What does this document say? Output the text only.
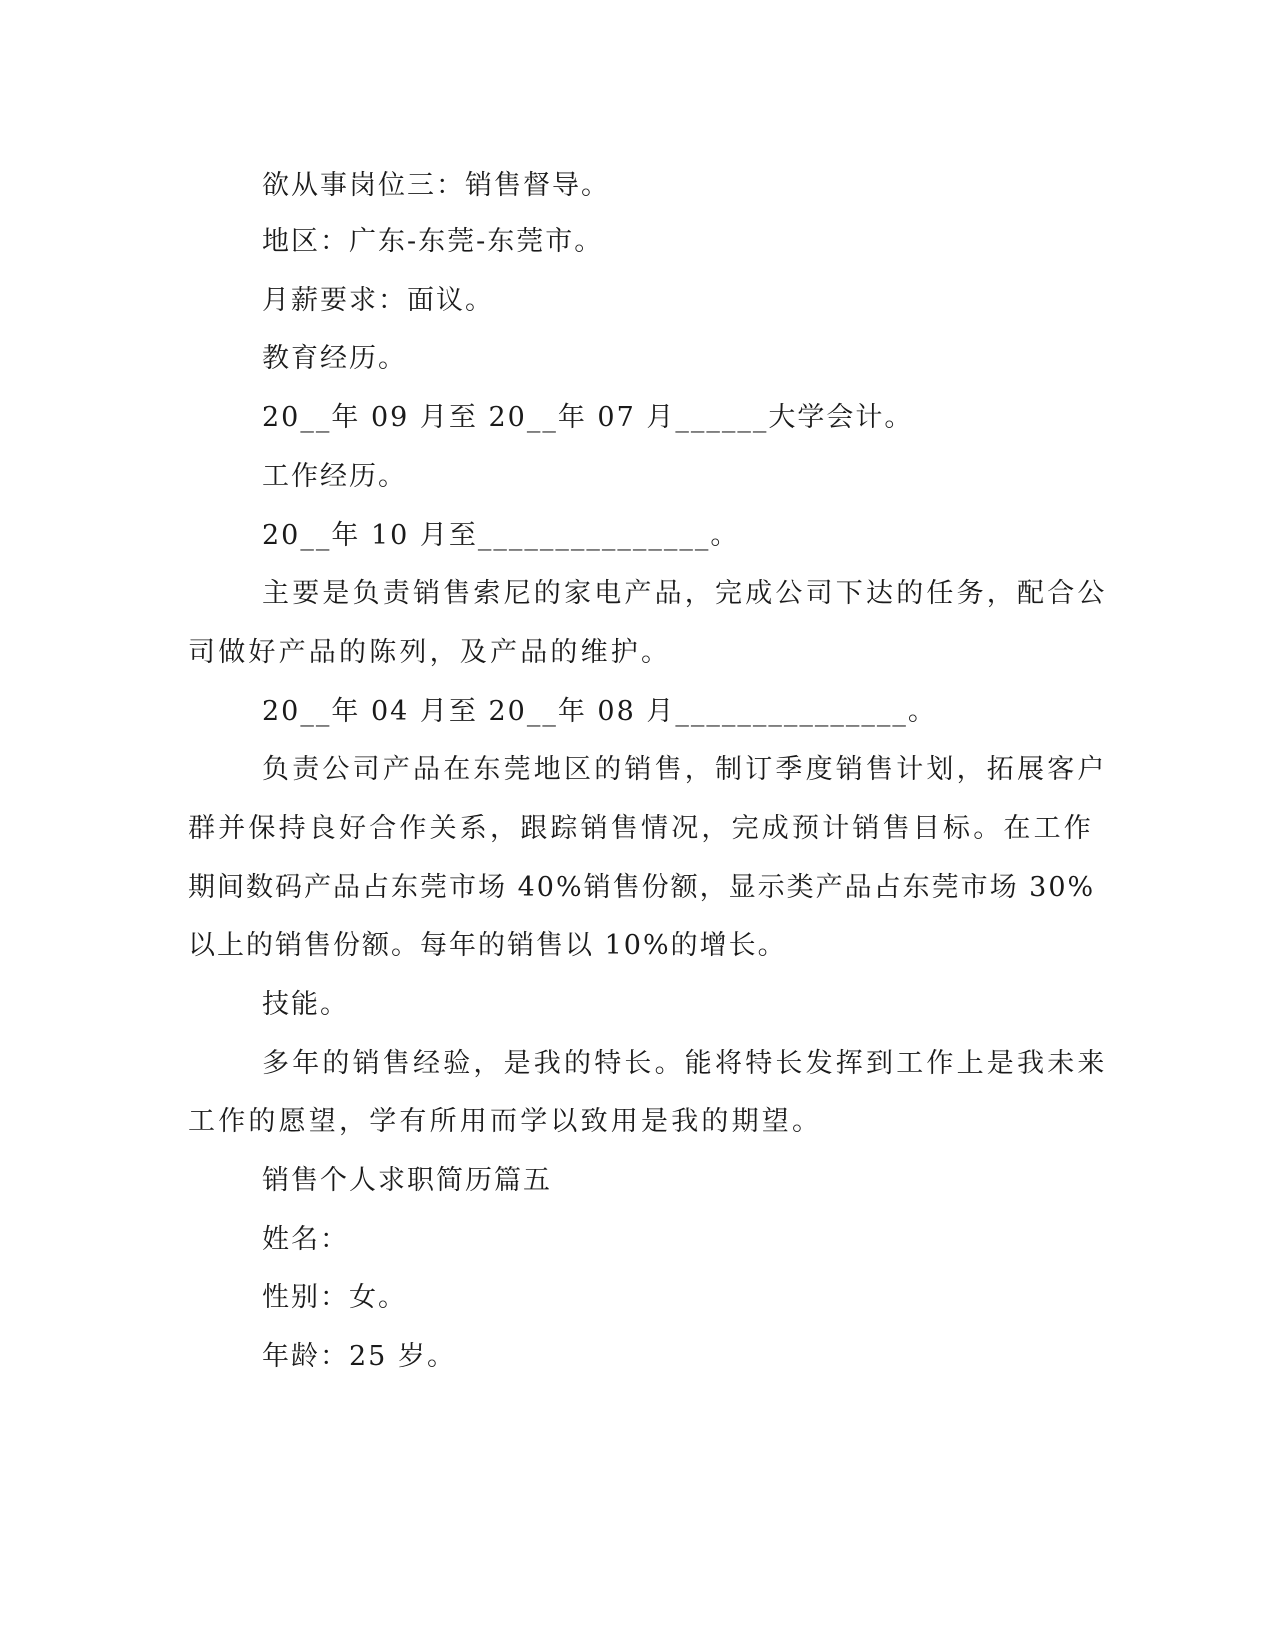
欲从事岗位三：销售督导。
地区：广东-东莞-东莞市。
月薪要求：面议。
教育经历。
20__年 09 月至 20__年 07 月______大学会计。
工作经历。
20__年 10 月至_______________。
主要是负责销售索尼的家电产品，完成公司下达的任务，配合公
司做好产品的陈列，及产品的维护。
20__年 04 月至 20__年 08 月_______________。
负责公司产品在东莞地区的销售，制订季度销售计划，拓展客户
群并保持良好合作关系，跟踪销售情况，完成预计销售目标。在工作
期间数码产品占东莞市场 40%销售份额，显示类产品占东莞市场 30%
以上的销售份额。每年的销售以 10%的增长。
技能。
多年的销售经验，是我的特长。能将特长发挥到工作上是我未来
工作的愿望，学有所用而学以致用是我的期望。
销售个人求职简历篇五
姓名：
性别：女。
年龄：25 岁。
